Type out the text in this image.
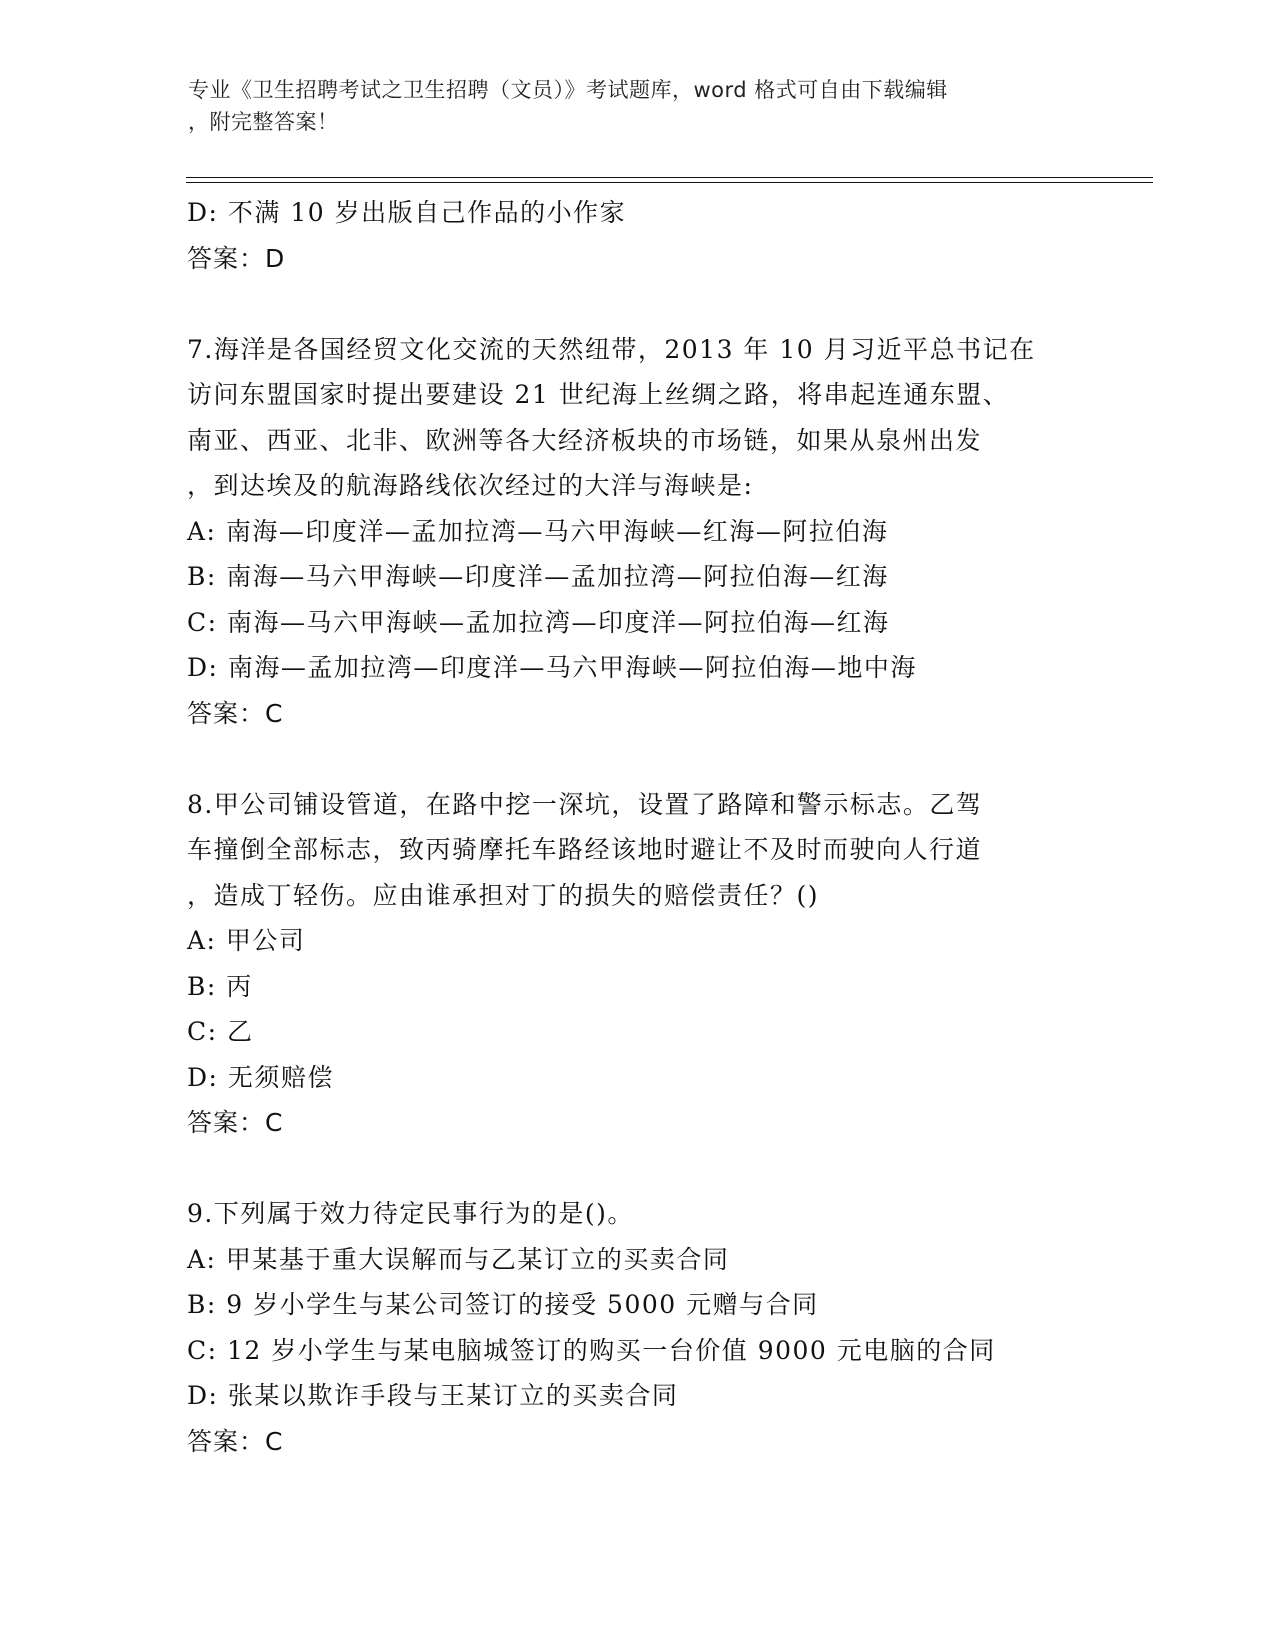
专业《卫生招聘考试之卫生招聘（文员）》考试题库，word 格式可自由下载编辑
，附完整答案！
D: 不满 10 岁出版自己作品的小作家
答案：D
7.海洋是各国经贸文化交流的天然纽带，2013 年 10 月习近平总书记在
访问东盟国家时提出要建设 21 世纪海上丝绸之路，将串起连通东盟、
南亚、西亚、北非、欧洲等各大经济板块的市场链，如果从泉州出发
，到达埃及的航海路线依次经过的大洋与海峡是:
A: 南海—印度洋—孟加拉湾—马六甲海峡—红海—阿拉伯海
B: 南海—马六甲海峡—印度洋—孟加拉湾—阿拉伯海—红海
C: 南海—马六甲海峡—孟加拉湾—印度洋—阿拉伯海—红海
D: 南海—孟加拉湾—印度洋—马六甲海峡—阿拉伯海—地中海
答案：C
8.甲公司铺设管道，在路中挖一深坑，设置了路障和警示标志。乙驾
车撞倒全部标志，致丙骑摩托车路经该地时避让不及时而驶向人行道
，造成丁轻伤。应由谁承担对丁的损失的赔偿责任？()
A: 甲公司
B: 丙
C: 乙
D: 无须赔偿
答案：C
9.下列属于效力待定民事行为的是()。
A: 甲某基于重大误解而与乙某订立的买卖合同
B: 9 岁小学生与某公司签订的接受 5000 元赠与合同
C: 12 岁小学生与某电脑城签订的购买一台价值 9000 元电脑的合同
D: 张某以欺诈手段与王某订立的买卖合同
答案：C
